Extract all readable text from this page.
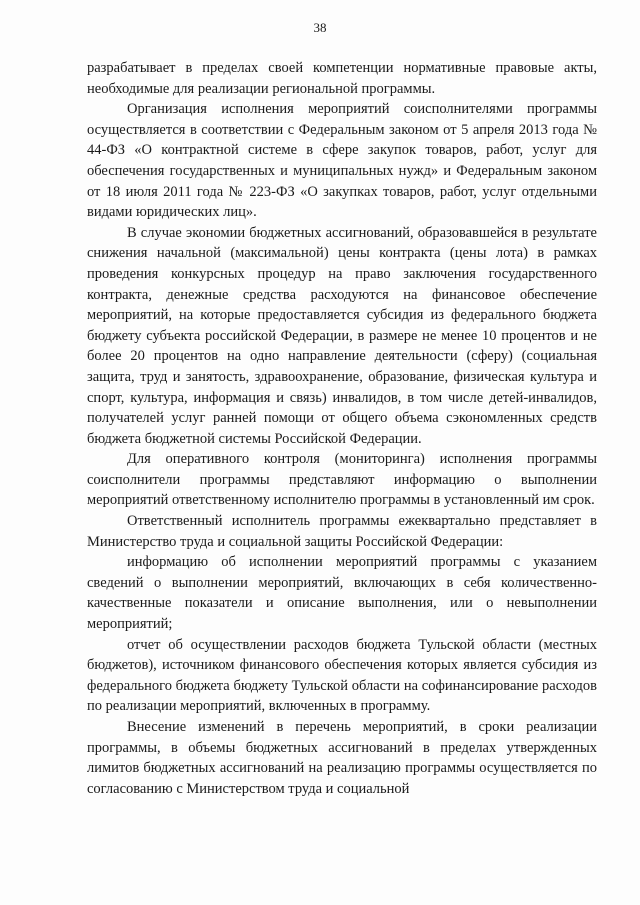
38

разрабатывает в пределах своей компетенции нормативные правовые акты, необходимые для реализации региональной программы.

Организация исполнения мероприятий соисполнителями программы осуществляется в соответствии с Федеральным законом от 5 апреля 2013 года № 44-ФЗ «О контрактной системе в сфере закупок товаров, работ, услуг для обеспечения государственных и муниципальных нужд» и Федеральным законом от 18 июля 2011 года № 223-ФЗ «О закупках товаров, работ, услуг отдельными видами юридических лиц».

В случае экономии бюджетных ассигнований, образовавшейся в результате снижения начальной (максимальной) цены контракта (цены лота) в рамках проведения конкурсных процедур на право заключения государственного контракта, денежные средства расходуются на финансовое обеспечение мероприятий, на которые предоставляется субсидия из федерального бюджета бюджету субъекта российской Федерации, в размере не менее 10 процентов и не более 20 процентов на одно направление деятельности (сферу) (социальная защита, труд и занятость, здравоохранение, образование, физическая культура и спорт, культура, информация и связь) инвалидов, в том числе детей-инвалидов, получателей услуг ранней помощи от общего объема сэкономленных средств бюджета бюджетной системы Российской Федерации.

Для оперативного контроля (мониторинга) исполнения программы соисполнители программы представляют информацию о выполнении мероприятий ответственному исполнителю программы в установленный им срок.

Ответственный исполнитель программы ежеквартально представляет в Министерство труда и социальной защиты Российской Федерации:

информацию об исполнении мероприятий программы с указанием сведений о выполнении мероприятий, включающих в себя количественно-качественные показатели и описание выполнения, или о невыполнении мероприятий;

отчет об осуществлении расходов бюджета Тульской области (местных бюджетов), источником финансового обеспечения которых является субсидия из федерального бюджета бюджету Тульской области на софинансирование расходов по реализации мероприятий, включенных в программу.

Внесение изменений в перечень мероприятий, в сроки реализации программы, в объемы бюджетных ассигнований в пределах утвержденных лимитов бюджетных ассигнований на реализацию программы осуществляется по согласованию с Министерством труда и социальной
